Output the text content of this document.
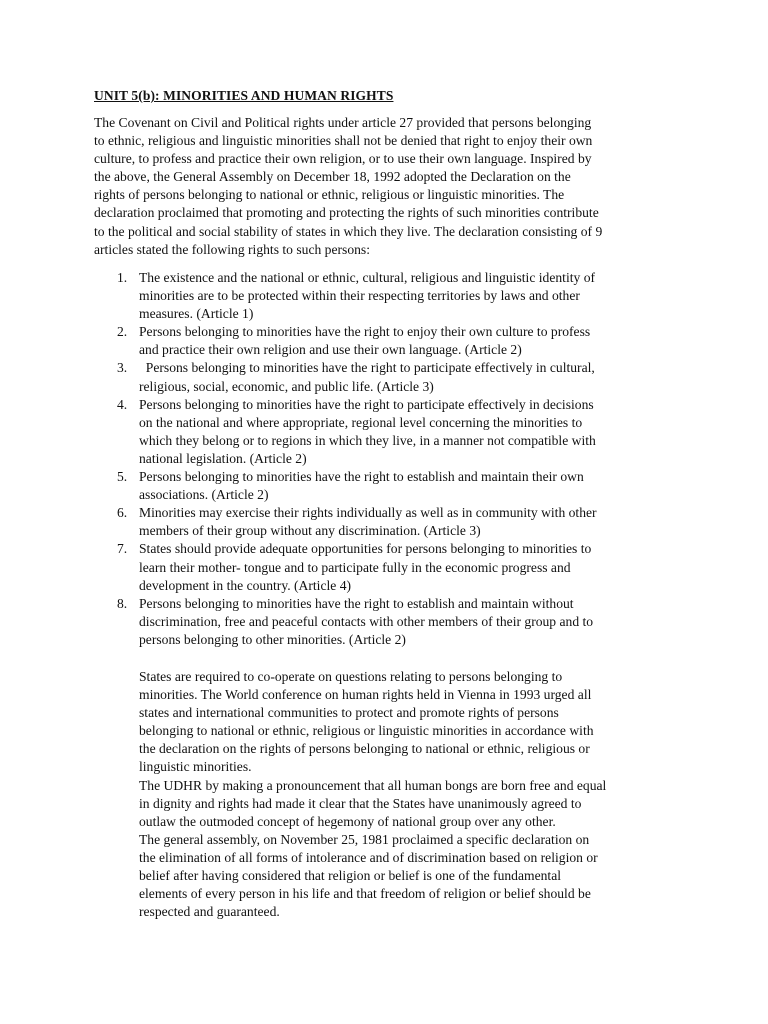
UNIT 5(b): MINORITIES AND HUMAN RIGHTS

The Covenant on Civil and Political rights under article 27 provided that persons belonging
to ethnic, religious and linguistic minorities shall not be denied that right to enjoy their own
culture, to profess and practice their own religion, or to use their own language. Inspired by
the above, the General Assembly on December 18, 1992 adopted the Declaration on the
rights of persons belonging to national or ethnic, religious or linguistic minorities. The
declaration proclaimed that promoting and protecting the rights of such minorities contribute
to the political and social stability of states in which they live. The declaration consisting of 9
articles stated the following rights to such persons:

1. The existence and the national or ethnic, cultural, religious and linguistic identity of
minorities are to be protected within their respecting territories by laws and other
measures. (Article 1)
2. Persons belonging to minorities have the right to enjoy their own culture to profess
and practice their own religion and use their own language. (Article 2)
3. Persons belonging to minorities have the right to participate effectively in cultural,
religious, social, economic, and public life. (Article 3)
4. Persons belonging to minorities have the right to participate effectively in decisions
on the national and where appropriate, regional level concerning the minorities to
which they belong or to regions in which they live, in a manner not compatible with
national legislation. (Article 2)
5. Persons belonging to minorities have the right to establish and maintain their own
associations. (Article 2)
6. Minorities may exercise their rights individually as well as in community with other
members of their group without any discrimination. (Article 3)
7. States should provide adequate opportunities for persons belonging to minorities to
learn their mother- tongue and to participate fully in the economic progress and
development in the country. (Article 4)
8. Persons belonging to minorities have the right to establish and maintain without
discrimination, free and peaceful contacts with other members of their group and to
persons belonging to other minorities. (Article 2)

States are required to co-operate on questions relating to persons belonging to
minorities. The World conference on human rights held in Vienna in 1993 urged all
states and international communities to protect and promote rights of persons
belonging to national or ethnic, religious or linguistic minorities in accordance with
the declaration on the rights of persons belonging to national or ethnic, religious or
linguistic minorities.

The UDHR by making a pronouncement that all human bongs are born free and equal
in dignity and rights had made it clear that the States have unanimously agreed to
outlaw the outmoded concept of hegemony of national group over any other.

The general assembly, on November 25, 1981 proclaimed a specific declaration on
the elimination of all forms of intolerance and of discrimination based on religion or
belief after having considered that religion or belief is one of the fundamental
elements of every person in his life and that freedom of religion or belief should be
respected and guaranteed.
